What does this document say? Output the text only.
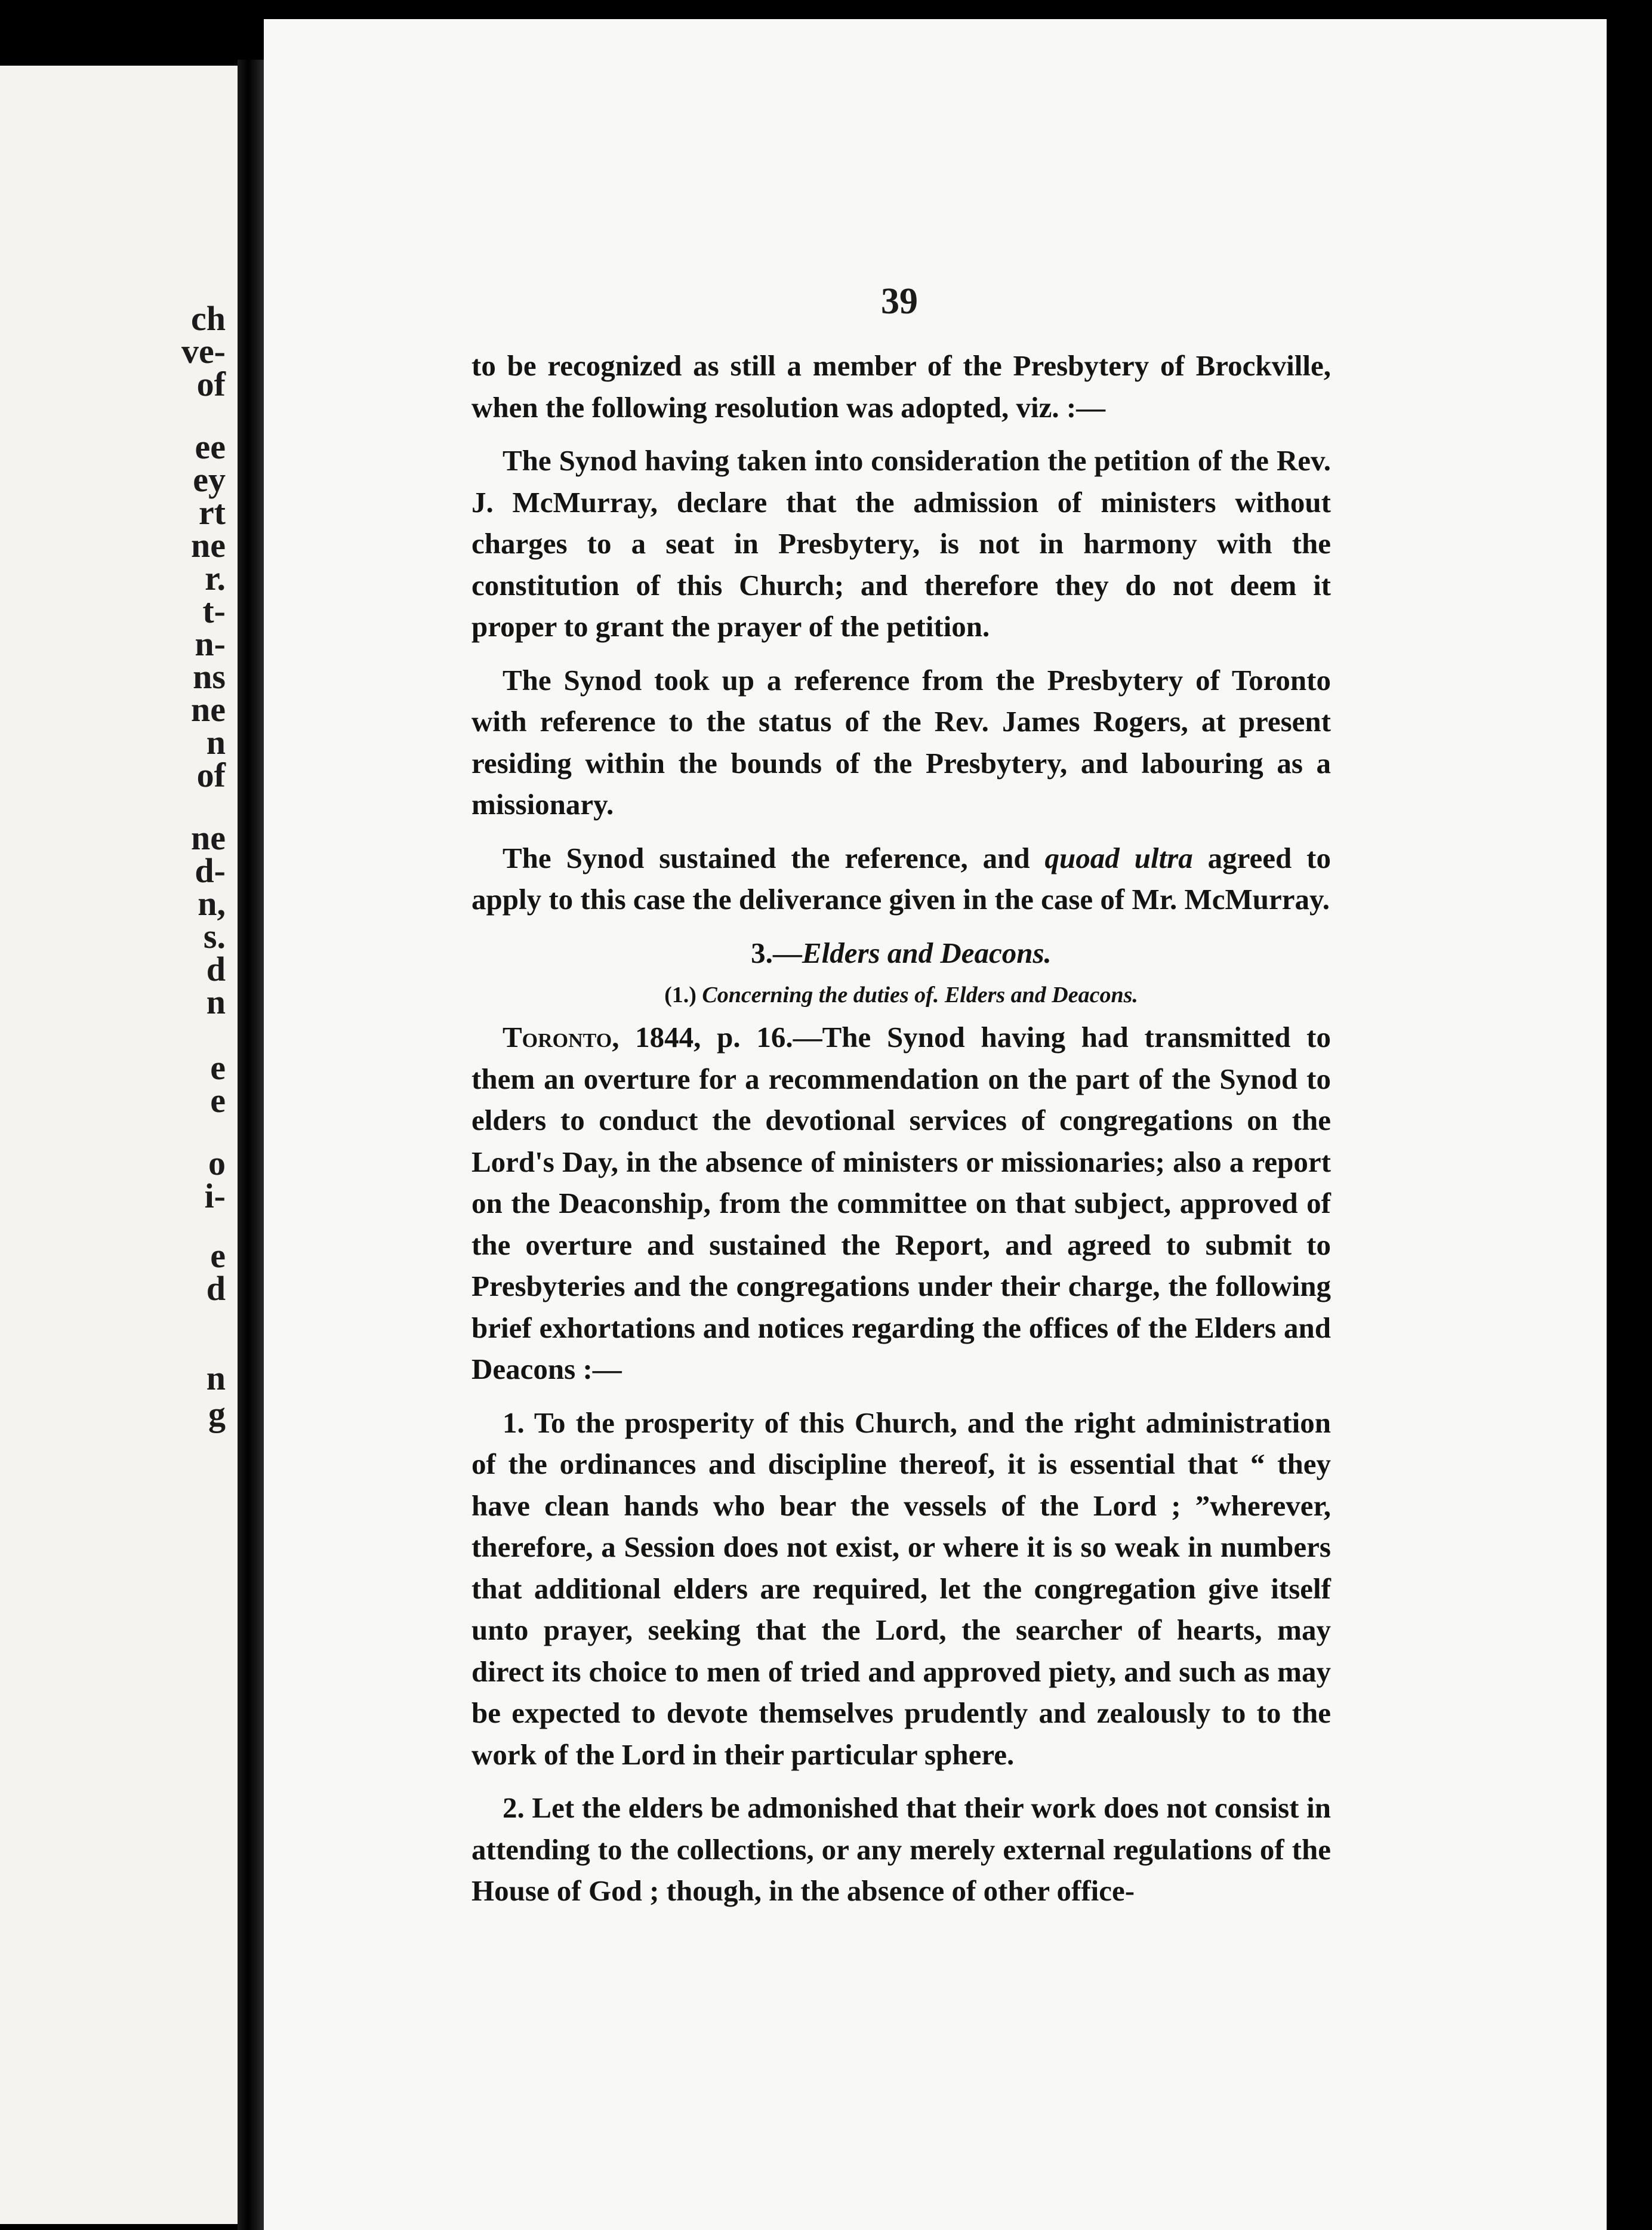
ch
ve-
of
ee
ey
rt
ne
r.
t-
n-
ns
ne
n
of
ne
d-
n,
s.
d
n
e
e
o
i-
e
d
n
g
39

to be recognized as still a member of the Presbytery of Brockville, when the following resolution was adopted, viz. :—

The Synod having taken into consideration the petition of the Rev. J. McMurray, declare that the admission of ministers without charges to a seat in Presbytery, is not in harmony with the constitution of this Church; and therefore they do not deem it proper to grant the prayer of the petition.

The Synod took up a reference from the Presbytery of Toronto with reference to the status of the Rev. James Rogers, at present residing within the bounds of the Presbytery, and labouring as a missionary.

The Synod sustained the reference, and quoad ultra agreed to apply to this case the deliverance given in the case of Mr. McMurray.

3.—Elders and Deacons.
(1.) Concerning the duties of. Elders and Deacons.

Toronto, 1844, p. 16.—The Synod having had transmitted to them an overture for a recommendation on the part of the Synod to elders to conduct the devotional services of congregations on the Lord's Day, in the absence of ministers or missionaries; also a report on the Deaconship, from the committee on that subject, approved of the overture and sustained the Report, and agreed to submit to Presbyteries and the congregations under their charge, the following brief exhortations and notices regarding the offices of the Elders and Deacons :—

1. To the prosperity of this Church, and the right administration of the ordinances and discipline thereof, it is essential that “ they have clean hands who bear the vessels of the Lord ; ”wherever, therefore, a Session does not exist, or where it is so weak in numbers that additional elders are required, let the congregation give itself unto prayer, seeking that the Lord, the searcher of hearts, may direct its choice to men of tried and approved piety, and such as may be expected to devote themselves prudently and zealously to to the work of the Lord in their particular sphere.

2. Let the elders be admonished that their work does not consist in attending to the collections, or any merely external regulations of the House of God ; though, in the absence of other office-
